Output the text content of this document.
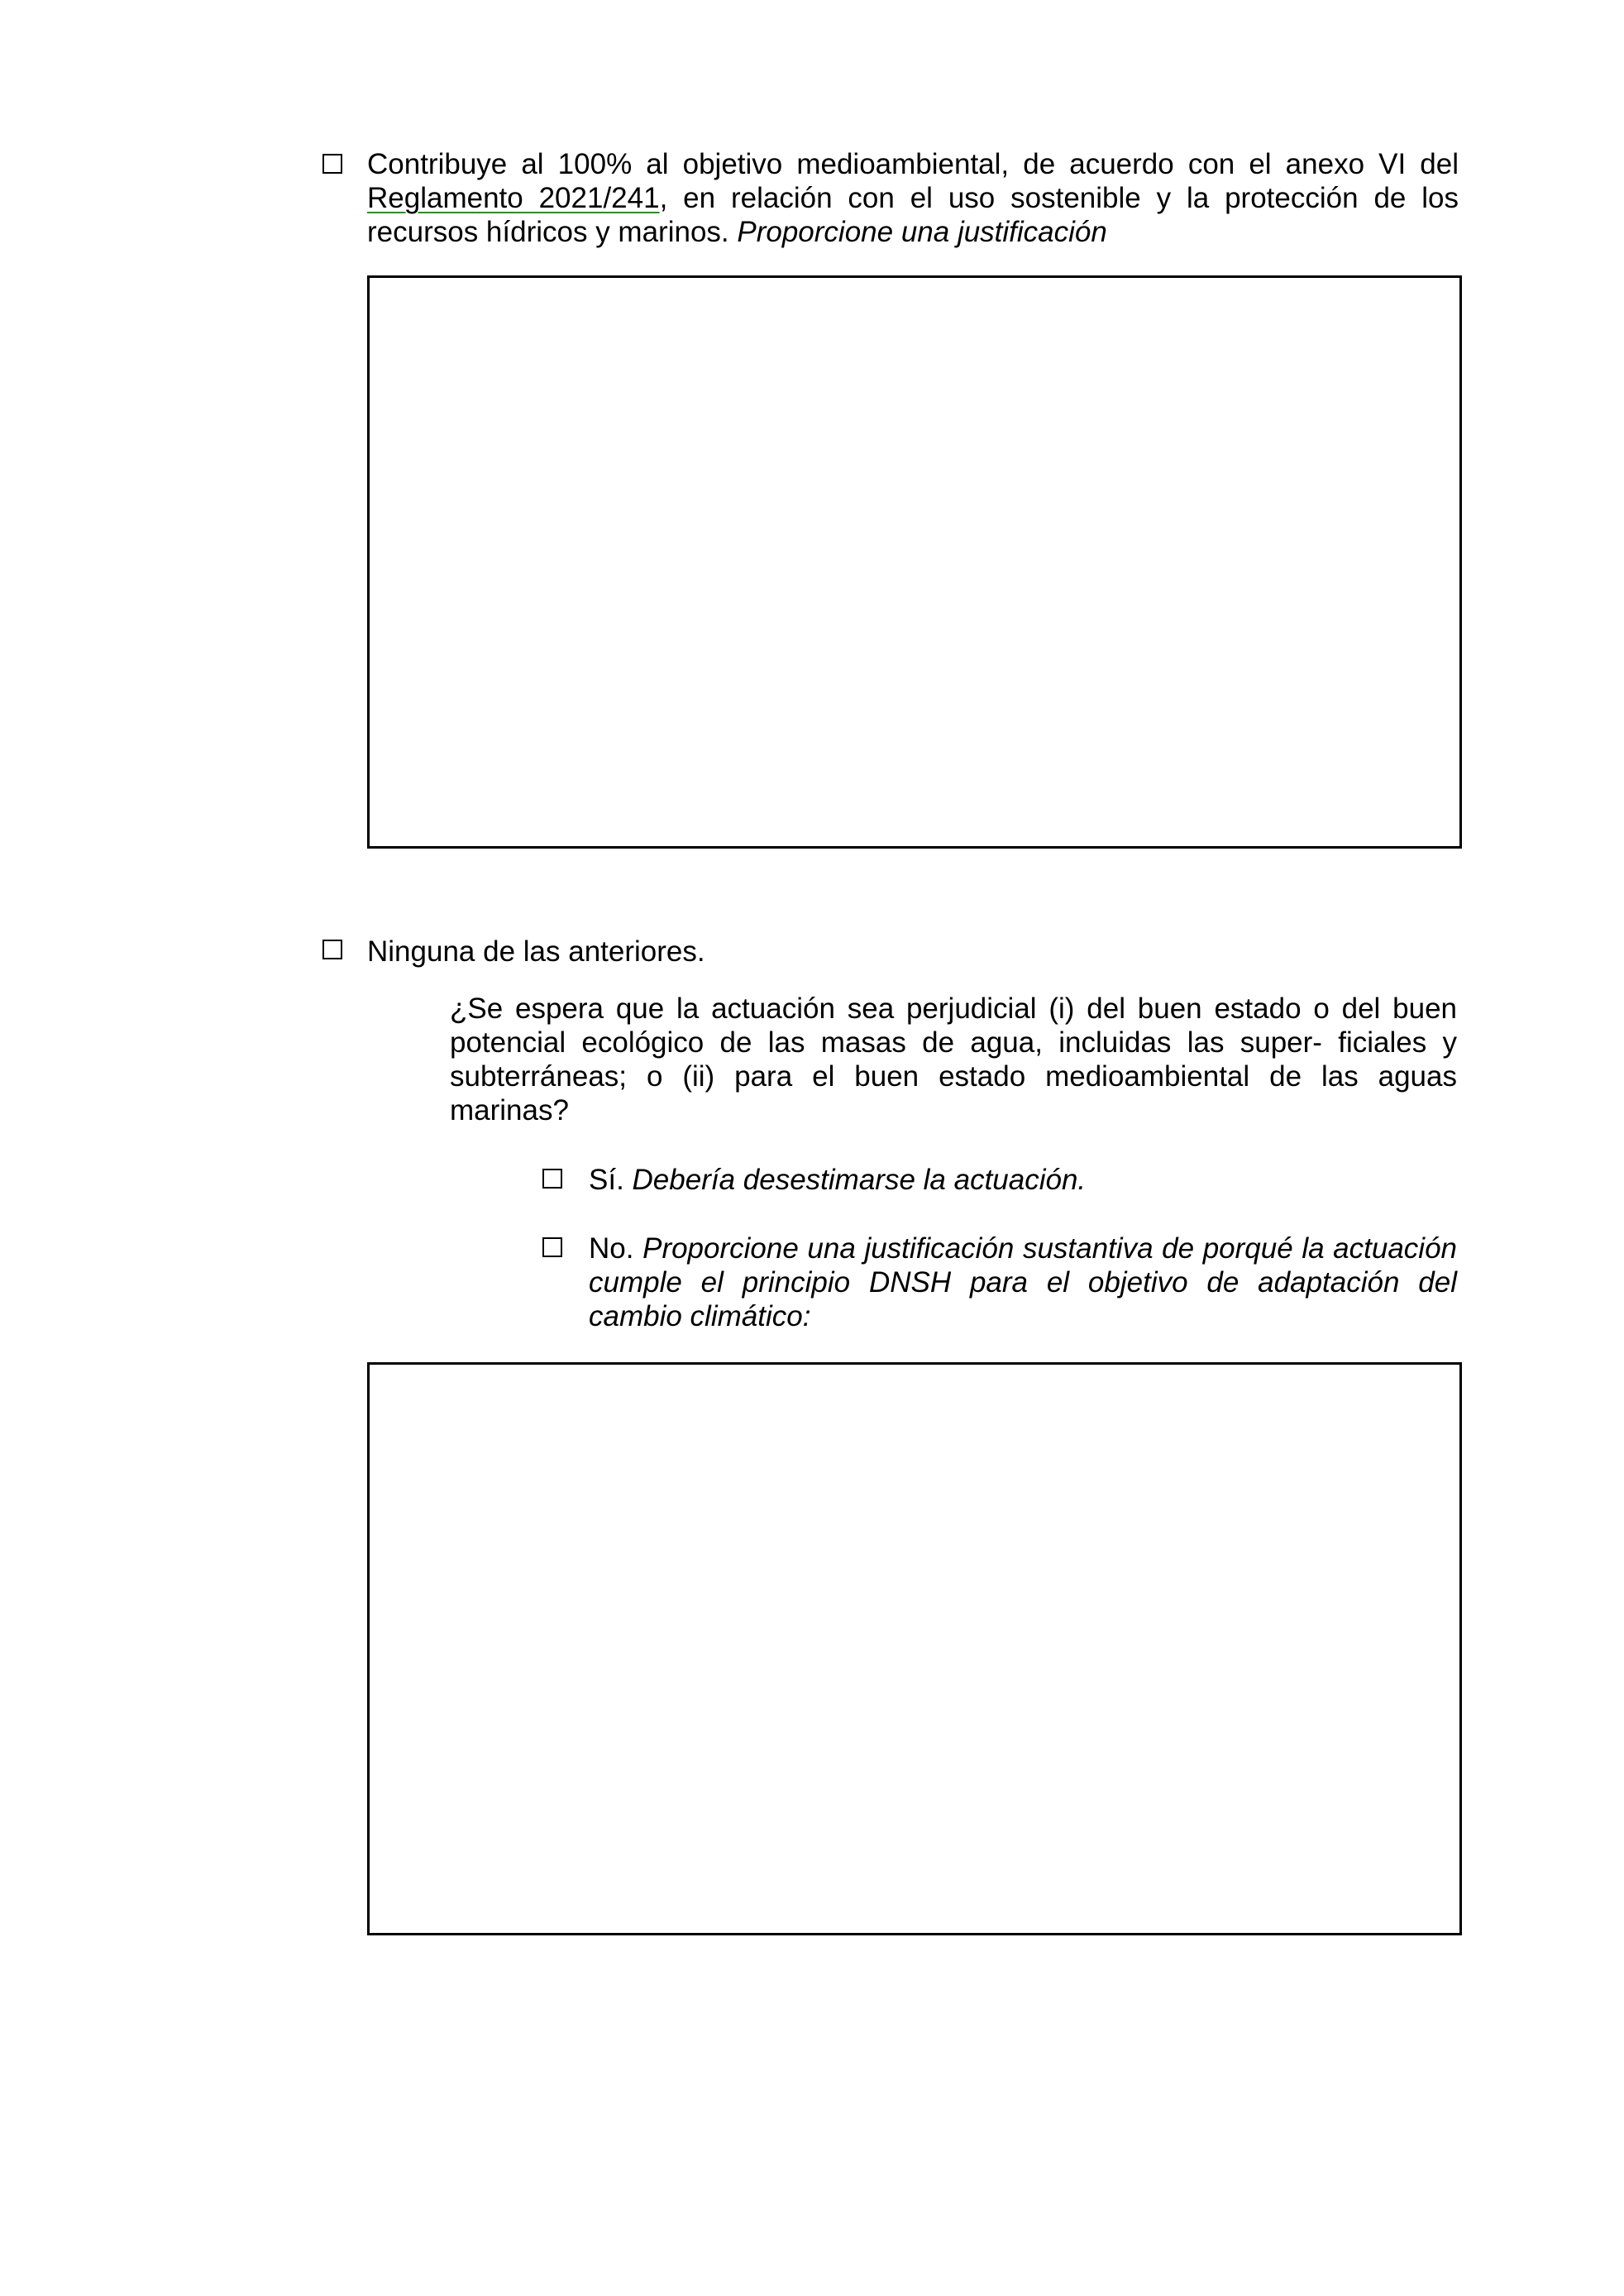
Contribuye al 100% al objetivo medioambiental, de acuerdo con el anexo VI del
Reglamento 2021/241, en relación con el uso sostenible y la protección de los
recursos hídricos y marinos. Proporcione una justificación
Ninguna de las anteriores.
¿Se espera que la actuación sea perjudicial (i) del buen estado o del buen
potencial ecológico de las masas de agua, incluidas las super- ficiales y
subterráneas; o (ii) para el buen estado medioambiental de las aguas
marinas?
Sí. Debería desestimarse la actuación.
No. Proporcione una justificación sustantiva de porqué la actuación
cumple el principio DNSH para el objetivo de adaptación del
cambio climático:
